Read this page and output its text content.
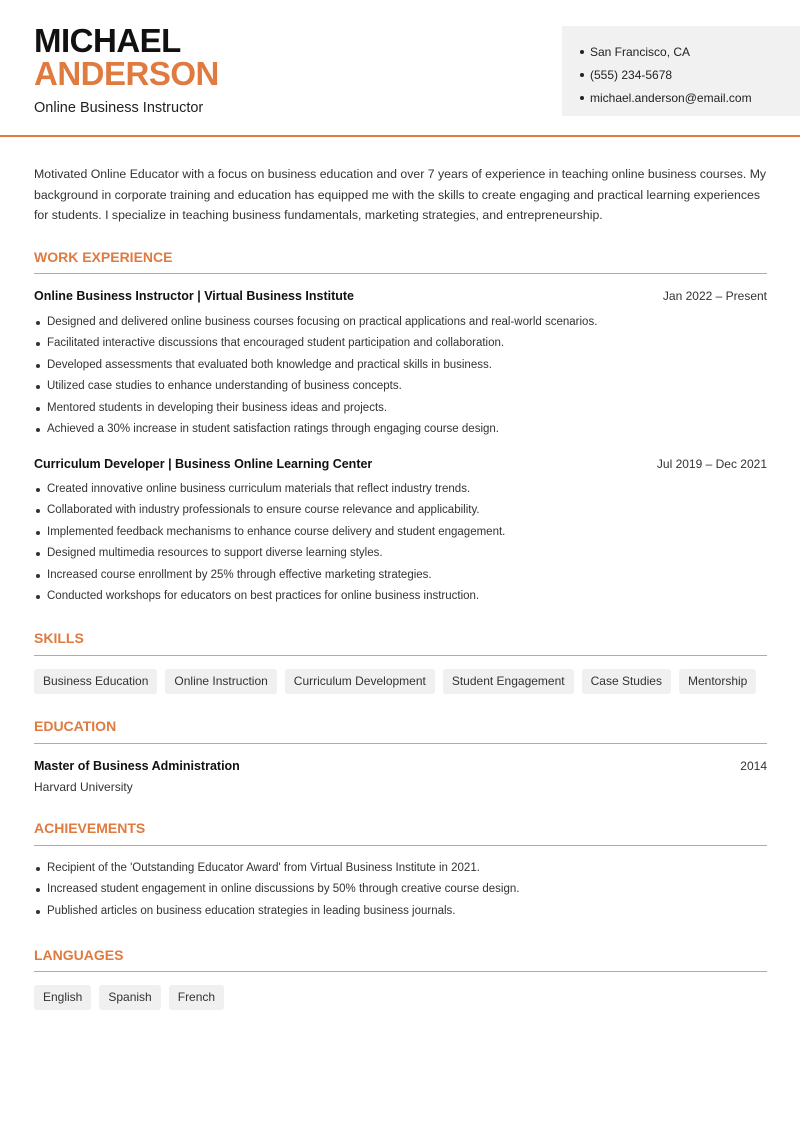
MICHAEL
ANDERSON
Online Business Instructor
San Francisco, CA
(555) 234-5678
michael.anderson@email.com

Motivated Online Educator with a focus on business education and over 7 years of experience in teaching online business courses. My background in corporate training and education has equipped me with the skills to create engaging and practical learning experiences for students. I specialize in teaching business fundamentals, marketing strategies, and entrepreneurship.

WORK EXPERIENCE
Online Business Instructor | Virtual Business Institute	Jan 2022 – Present
Designed and delivered online business courses focusing on practical applications and real-world scenarios.
Facilitated interactive discussions that encouraged student participation and collaboration.
Developed assessments that evaluated both knowledge and practical skills in business.
Utilized case studies to enhance understanding of business concepts.
Mentored students in developing their business ideas and projects.
Achieved a 30% increase in student satisfaction ratings through engaging course design.
Curriculum Developer | Business Online Learning Center	Jul 2019 – Dec 2021
Created innovative online business curriculum materials that reflect industry trends.
Collaborated with industry professionals to ensure course relevance and applicability.
Implemented feedback mechanisms to enhance course delivery and student engagement.
Designed multimedia resources to support diverse learning styles.
Increased course enrollment by 25% through effective marketing strategies.
Conducted workshops for educators on best practices for online business instruction.
SKILLS
Business Education	Online Instruction	Curriculum Development	Student Engagement	Case Studies	Mentorship
EDUCATION
Master of Business Administration	2014
Harvard University
ACHIEVEMENTS
Recipient of the 'Outstanding Educator Award' from Virtual Business Institute in 2021.
Increased student engagement in online discussions by 50% through creative course design.
Published articles on business education strategies in leading business journals.
LANGUAGES
English	Spanish	French
